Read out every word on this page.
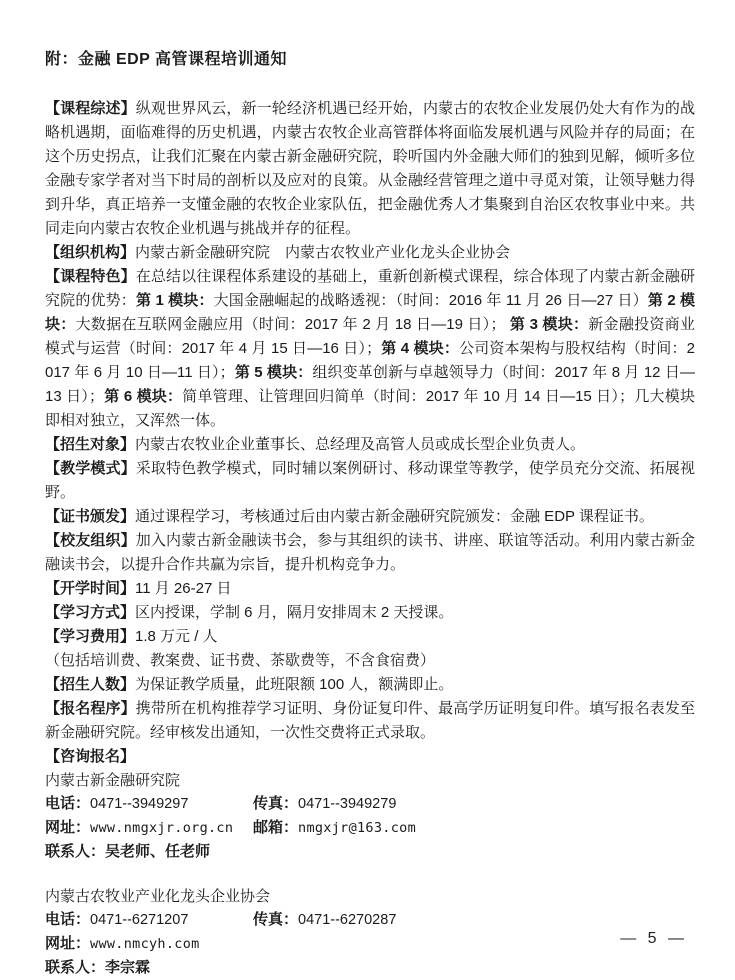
附：金融 EDP 高管课程培训通知

【课程综述】纵观世界风云，新一轮经济机遇已经开始，内蒙古的农牧企业发展仍处大有作为的战略机遇期，面临难得的历史机遇，内蒙古农牧企业高管群体将面临发展机遇与风险并存的局面；在这个历史拐点，让我们汇聚在内蒙古新金融研究院，聆听国内外金融大师们的独到见解，倾听多位金融专家学者对当下时局的剖析以及应对的良策。从金融经营管理之道中寻觅对策，让领导魅力得到升华，真正培养一支懂金融的农牧企业家队伍，把金融优秀人才集聚到自治区农牧事业中来。共同走向内蒙古农牧企业机遇与挑战并存的征程。

【组织机构】内蒙古新金融研究院　内蒙古农牧业产业化龙头企业协会

【课程特色】在总结以往课程体系建设的基础上，重新创新模式课程，综合体现了内蒙古新金融研究院的优势：第 1 模块：大国金融崛起的战略透视：（时间：2016 年 11 月 26 日—27 日）第 2 模块：大数据在互联网金融应用（时间：2017 年 2 月 18 日—19 日）； 第 3 模块：新金融投资商业模式与运营（时间：2017 年 4 月 15 日—16 日）；第 4 模块：公司资本架构与股权结构（时间：2017 年 6 月 10 日—11 日）；第 5 模块：组织变革创新与卓越领导力（时间：2017 年 8 月 12 日—13 日）；第 6 模块：简单管理、让管理回归简单（时间：2017 年 10 月 14 日—15 日）；几大模块即相对独立，又浑然一体。

【招生对象】内蒙古农牧业企业董事长、总经理及高管人员或成长型企业负责人。

【教学模式】采取特色教学模式，同时辅以案例研讨、移动课堂等教学，使学员充分交流、拓展视野。

【证书颁发】通过课程学习，考核通过后由内蒙古新金融研究院颁发：金融 EDP 课程证书。

【校友组织】加入内蒙古新金融读书会，参与其组织的读书、讲座、联谊等活动。利用内蒙古新金融读书会，以提升合作共赢为宗旨，提升机构竞争力。

【开学时间】11 月 26-27 日

【学习方式】区内授课，学制 6 月，隔月安排周末 2 天授课。

【学习费用】1.8 万元 / 人

（包括培训费、教案费、证书费、茶歇费等，不含食宿费）

【招生人数】为保证教学质量，此班限额 100 人，额满即止。

【报名程序】携带所在机构推荐学习证明、身份证复印件、最高学历证明复印件。填写报名表发至新金融研究院。经审核发出通知，一次性交费将正式录取。

【咨询报名】

内蒙古新金融研究院

电话：0471--3949297	传真：0471--3949279
网址：www.nmgxjr.org.cn	邮箱：nmgxjr@163.com
联系人：吴老师、任老师

内蒙古农牧业产业化龙头企业协会

电话：0471--6271207	传真：0471--6270287
网址：www.nmcyh.com
联系人：李宗霖
— 5 —
